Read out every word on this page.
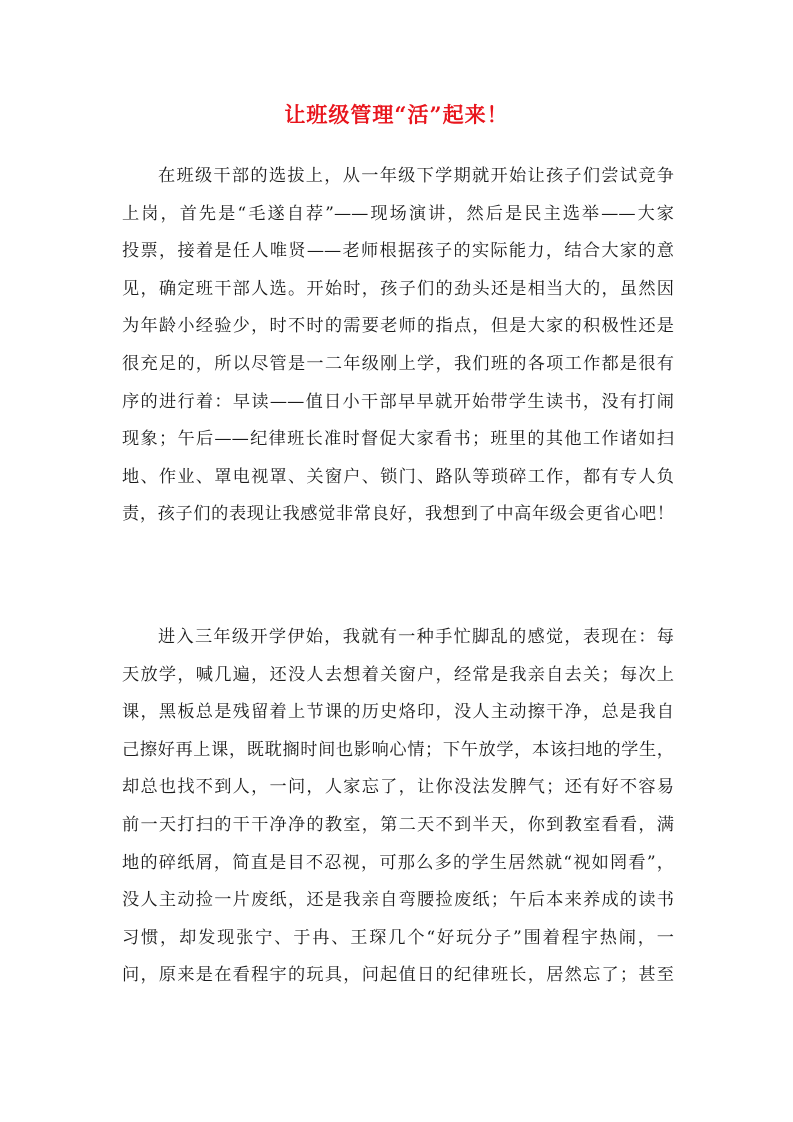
让班级管理“活”起来！
在班级干部的选拔上，从一年级下学期就开始让孩子们尝试竞争
上岗，首先是“毛遂自荐”——现场演讲，然后是民主选举——大家
投票，接着是任人唯贤——老师根据孩子的实际能力，结合大家的意
见，确定班干部人选。开始时，孩子们的劲头还是相当大的，虽然因
为年龄小经验少，时不时的需要老师的指点，但是大家的积极性还是
很充足的，所以尽管是一二年级刚上学，我们班的各项工作都是很有
序的进行着：早读——值日小干部早早就开始带学生读书，没有打闹
现象；午后——纪律班长准时督促大家看书；班里的其他工作诸如扫
地、作业、罩电视罩、关窗户、锁门、路队等琐碎工作，都有专人负
责，孩子们的表现让我感觉非常良好，我想到了中高年级会更省心吧！
进入三年级开学伊始，我就有一种手忙脚乱的感觉，表现在：每
天放学，喊几遍，还没人去想着关窗户，经常是我亲自去关；每次上
课，黑板总是残留着上节课的历史烙印，没人主动擦干净，总是我自
己擦好再上课，既耽搁时间也影响心情；下午放学，本该扫地的学生，
却总也找不到人，一问，人家忘了，让你没法发脾气；还有好不容易
前一天打扫的干干净净的教室，第二天不到半天，你到教室看看，满
地的碎纸屑，简直是目不忍视，可那么多的学生居然就“视如罔看”，
没人主动捡一片废纸，还是我亲自弯腰捡废纸；午后本来养成的读书
习惯，却发现张宁、于冉、王琛几个“好玩分子”围着程宇热闹，一
问，原来是在看程宇的玩具，问起值日的纪律班长，居然忘了；甚至
